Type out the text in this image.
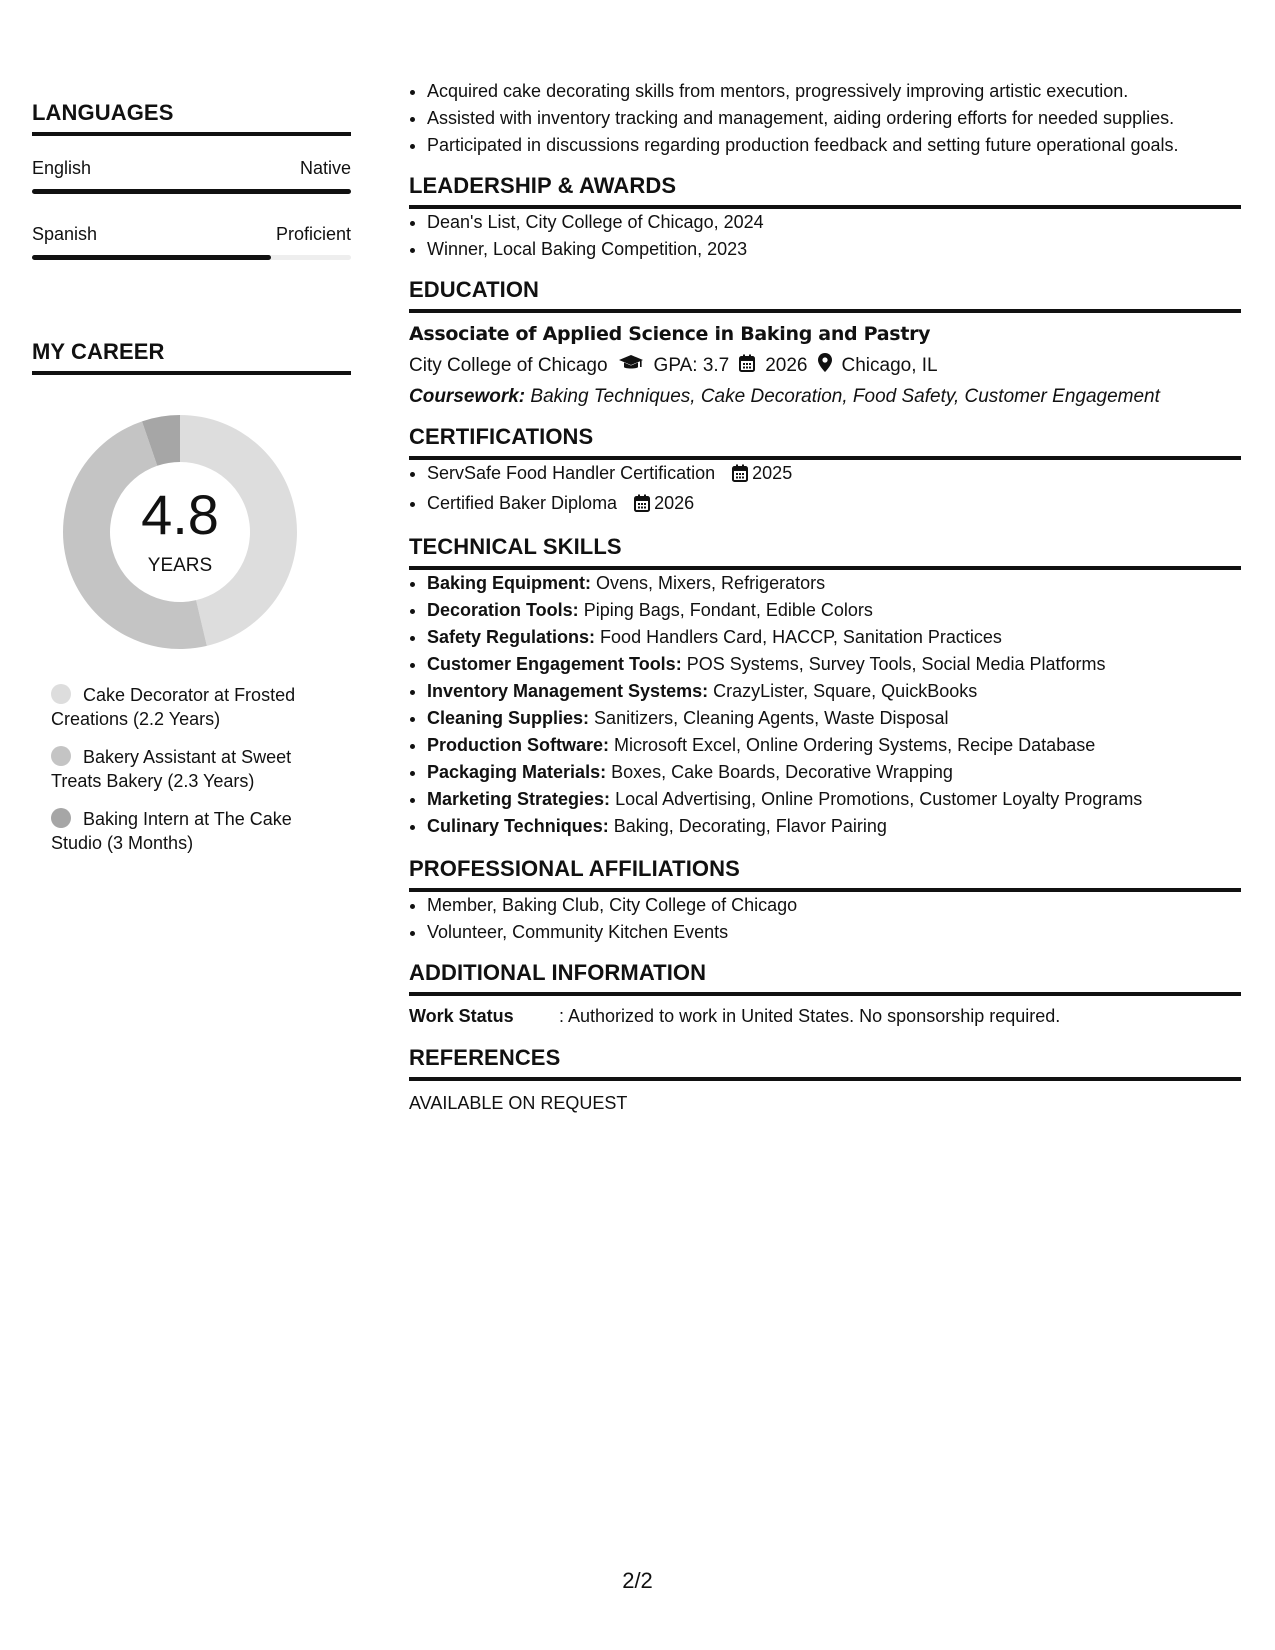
LANGUAGES
English	Native
Spanish	Proficient
MY CAREER
4.8
YEARS
Cake Decorator at Frosted Creations (2.2 Years)
Bakery Assistant at Sweet Treats Bakery (2.3 Years)
Baking Intern at The Cake Studio (3 Months)
• Acquired cake decorating skills from mentors, progressively improving artistic execution.
• Assisted with inventory tracking and management, aiding ordering efforts for needed supplies.
• Participated in discussions regarding production feedback and setting future operational goals.
LEADERSHIP & AWARDS
• Dean's List, City College of Chicago, 2024
• Winner, Local Baking Competition, 2023
EDUCATION
Associate of Applied Science in Baking and Pastry
City College of Chicago GPA: 3.7 2026 Chicago, IL
Coursework: Baking Techniques, Cake Decoration, Food Safety, Customer Engagement
CERTIFICATIONS
• ServSafe Food Handler Certification 2025
• Certified Baker Diploma 2026
TECHNICAL SKILLS
• Baking Equipment: Ovens, Mixers, Refrigerators
• Decoration Tools: Piping Bags, Fondant, Edible Colors
• Safety Regulations: Food Handlers Card, HACCP, Sanitation Practices
• Customer Engagement Tools: POS Systems, Survey Tools, Social Media Platforms
• Inventory Management Systems: CrazyLister, Square, QuickBooks
• Cleaning Supplies: Sanitizers, Cleaning Agents, Waste Disposal
• Production Software: Microsoft Excel, Online Ordering Systems, Recipe Database
• Packaging Materials: Boxes, Cake Boards, Decorative Wrapping
• Marketing Strategies: Local Advertising, Online Promotions, Customer Loyalty Programs
• Culinary Techniques: Baking, Decorating, Flavor Pairing
PROFESSIONAL AFFILIATIONS
• Member, Baking Club, City College of Chicago
• Volunteer, Community Kitchen Events
ADDITIONAL INFORMATION
Work Status	: Authorized to work in United States. No sponsorship required.
REFERENCES
AVAILABLE ON REQUEST
2/2
